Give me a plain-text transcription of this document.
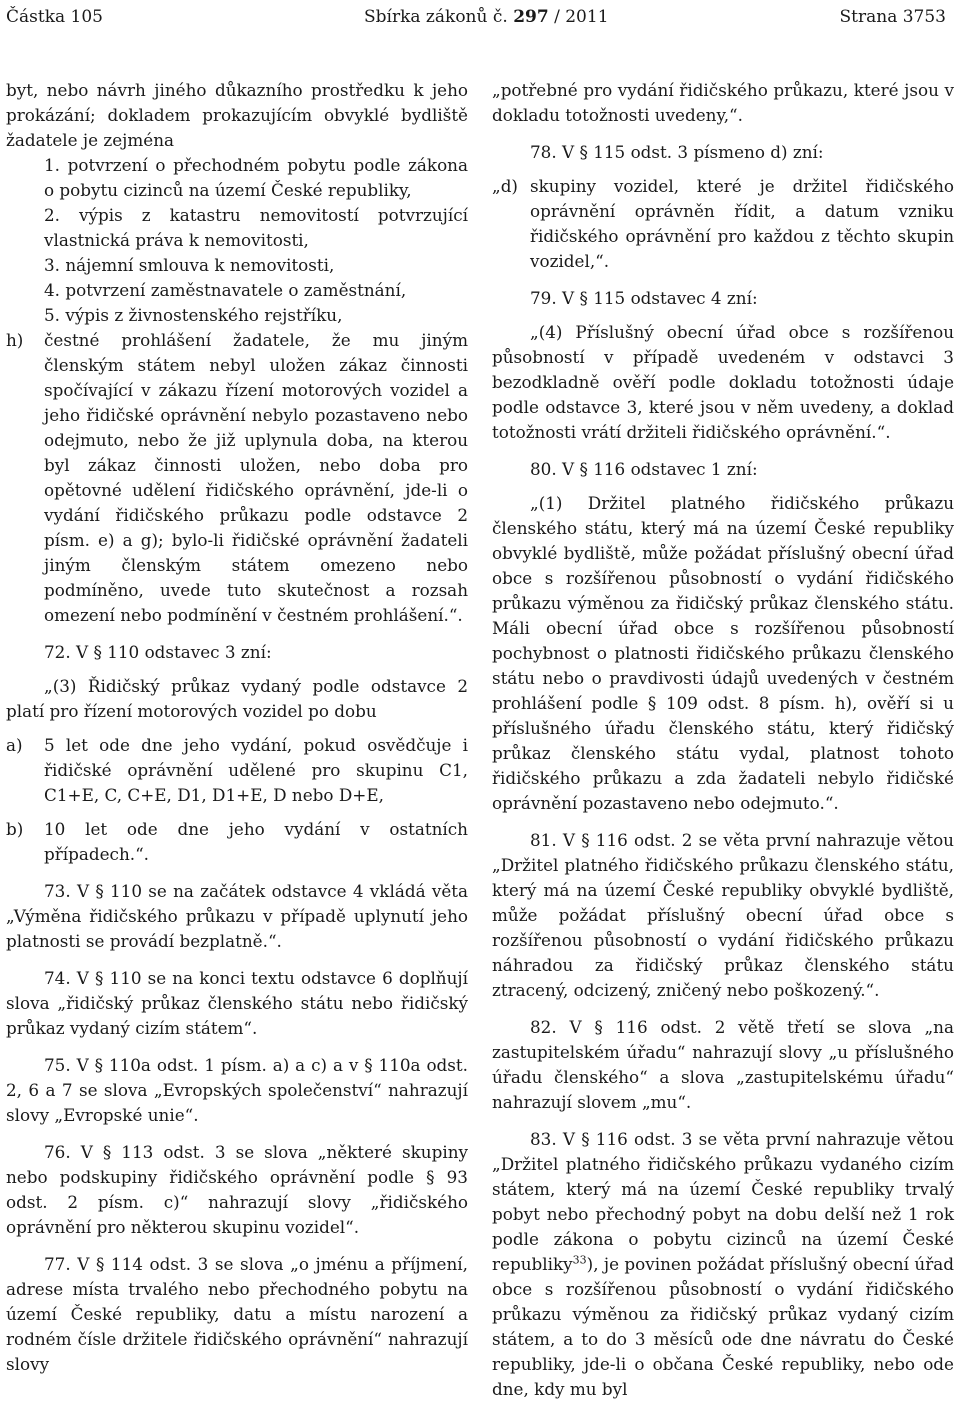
Částka 105	Sbírka zákonů č. 297 / 2011	Strana 3753

byt, nebo návrh jiného důkazního prostředku k jeho prokázání; dokladem prokazujícím obvyklé bydliště žadatele je zejména

1. potvrzení o přechodném pobytu podle zákona o pobytu cizinců na území České republiky,

2. výpis z katastru nemovitostí potvrzující vlastnická práva k nemovitosti,

3. nájemní smlouva k nemovitosti,

4. potvrzení zaměstnavatele o zaměstnání,

5. výpis z živnostenského rejstříku,

h) čestné prohlášení žadatele, že mu jiným členským státem nebyl uložen zákaz činnosti spočívající v zákazu řízení motorových vozidel a jeho řidičské oprávnění nebylo pozastaveno nebo odejmuto, nebo že již uplynula doba, na kterou byl zákaz činnosti uložen, nebo doba pro opětovné udělení řidičského oprávnění, jde-li o vydání řidičského průkazu podle odstavce 2 písm. e) a g); bylo-li řidičské oprávnění žadateli jiným členským státem omezeno nebo podmíněno, uvede tuto skutečnost a rozsah omezení nebo podmínění v čestném prohlášení.“.

72. V § 110 odstavec 3 zní:

„(3) Řidičský průkaz vydaný podle odstavce 2 platí pro řízení motorových vozidel po dobu

a) 5 let ode dne jeho vydání, pokud osvědčuje i řidičské oprávnění udělené pro skupinu C1, C1+E, C, C+E, D1, D1+E, D nebo D+E,
b) 10 let ode dne jeho vydání v ostatních případech.“.

73. V § 110 se na začátek odstavce 4 vkládá věta „Výměna řidičského průkazu v případě uplynutí jeho platnosti se provádí bezplatně.“.

74. V § 110 se na konci textu odstavce 6 doplňují slova „řidičský průkaz členského státu nebo řidičský průkaz vydaný cizím státem“.

75. V § 110a odst. 1 písm. a) a c) a v § 110a odst. 2, 6 a 7 se slova „Evropských společenství“ nahrazují slovy „Evropské unie“.

76. V § 113 odst. 3 se slova „některé skupiny nebo podskupiny řidičského oprávnění podle § 93 odst. 2 písm. c)“ nahrazují slovy „řidičského oprávnění pro některou skupinu vozidel“.

77. V § 114 odst. 3 se slova „o jménu a příjmení, adrese místa trvalého nebo přechodného pobytu na území České republiky, datu a místu narození a rodném čísle držitele řidičského oprávnění“ nahrazují slovy

„potřebné pro vydání řidičského průkazu, které jsou v dokladu totožnosti uvedeny,“.

78. V § 115 odst. 3 písmeno d) zní:

„d) skupiny vozidel, které je držitel řidičského oprávnění oprávněn řídit, a datum vzniku řidičského oprávnění pro každou z těchto skupin vozidel,“.

79. V § 115 odstavec 4 zní:

„(4) Příslušný obecní úřad obce s rozšířenou působností v případě uvedeném v odstavci 3 bezodkladně ověří podle dokladu totožnosti údaje podle odstavce 3, které jsou v něm uvedeny, a doklad totožnosti vrátí držiteli řidičského oprávnění.“.

80. V § 116 odstavec 1 zní:

„(1) Držitel platného řidičského průkazu členského státu, který má na území České republiky obvyklé bydliště, může požádat příslušný obecní úřad obce s rozšířenou působností o vydání řidičského průkazu výměnou za řidičský průkaz členského státu. Máli obecní úřad obce s rozšířenou působností pochybnost o platnosti řidičského průkazu členského státu nebo o pravdivosti údajů uvedených v čestném prohlášení podle § 109 odst. 8 písm. h), ověří si u příslušného úřadu členského státu, který řidičský průkaz členského státu vydal, platnost tohoto řidičského průkazu a zda žadateli nebylo řidičské oprávnění pozastaveno nebo odejmuto.“.

81. V § 116 odst. 2 se věta první nahrazuje větou „Držitel platného řidičského průkazu členského státu, který má na území České republiky obvyklé bydliště, může požádat příslušný obecní úřad obce s rozšířenou působností o vydání řidičského průkazu náhradou za řidičský průkaz členského státu ztracený, odcizený, zničený nebo poškozený.“.

82. V § 116 odst. 2 větě třetí se slova „na zastupitelském úřadu“ nahrazují slovy „u příslušného úřadu členského“ a slova „zastupitelskému úřadu“ nahrazují slovem „mu“.

83. V § 116 odst. 3 se věta první nahrazuje větou „Držitel platného řidičského průkazu vydaného cizím státem, který má na území České republiky trvalý pobyt nebo přechodný pobyt na dobu delší než 1 rok podle zákona o pobytu cizinců na území České republiky$^{33}$), je povinen požádat příslušný obecní úřad obce s rozšířenou působností o vydání řidičského průkazu výměnou za řidičský průkaz vydaný cizím státem, a to do 3 měsíců ode dne návratu do České republiky, jde-li o občana České republiky, nebo ode dne, kdy mu byl
